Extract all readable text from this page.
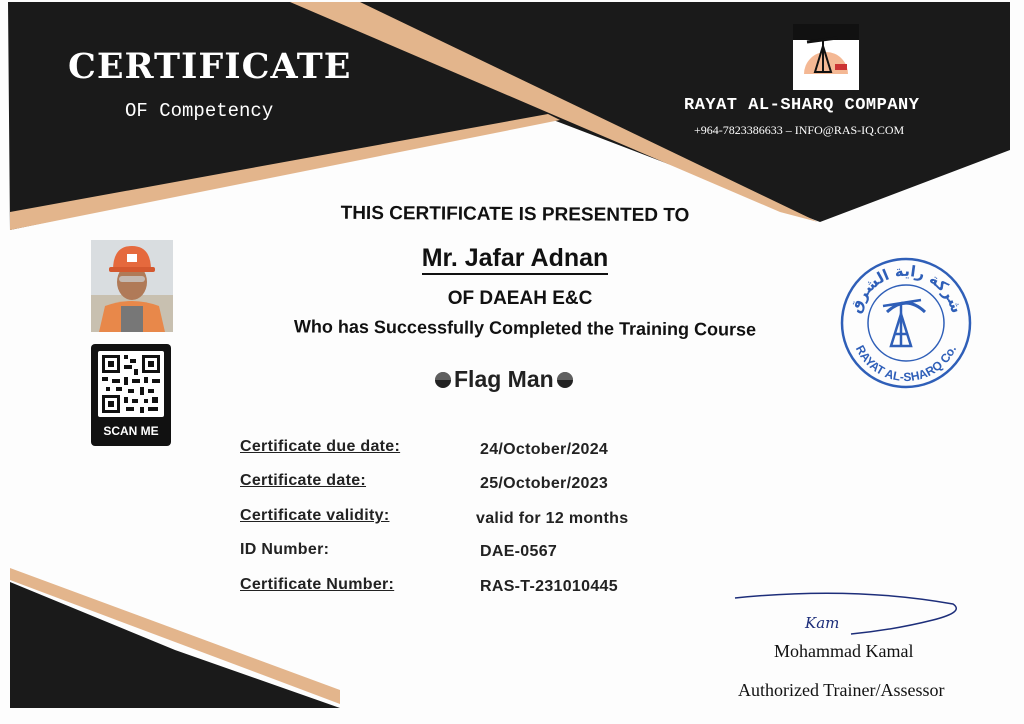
CERTIFICATE
OF Competency	RAYAT AL-SHARQ COMPANY
+964-7823386633 – INFO@RAS-IQ.COM
THIS CERTIFICATE IS PRESENTED TO
Mr. Jafar Adnan
OF DAEAH E&C
Who has Successfully Completed the Training Course
Flag Man
SCAN ME
Certificate due date:	24/October/2024
Certificate date:	25/October/2023
Certificate validity:	valid for 12 months
ID Number:	DAE-0567
Certificate Number:	RAS-T-231010445
شركة راية الشرق
RAYAT AL-SHARQ Co.
Kam
Mohammad Kamal
Authorized Trainer/Assessor
